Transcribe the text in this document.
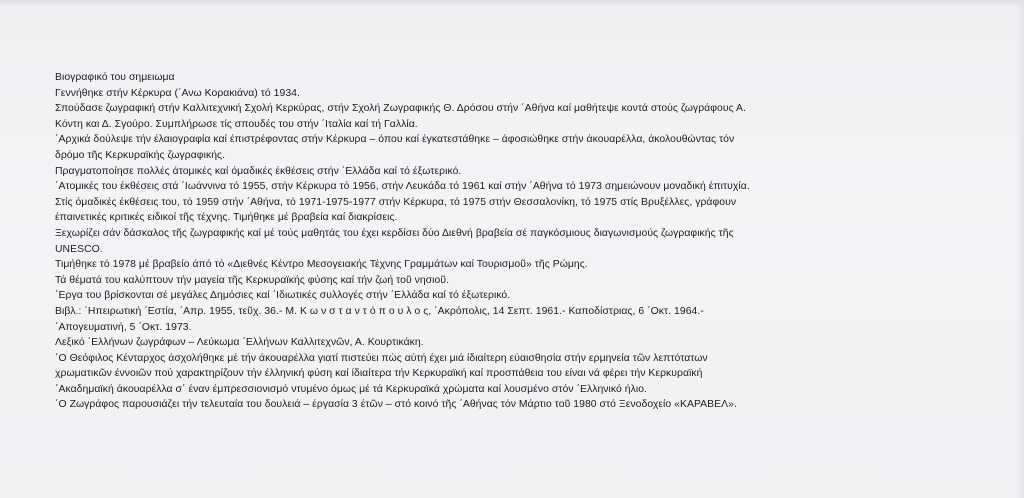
Βιογραφικό του σημειωμα
Γεννήθηκε στήν Κέρκυρα (΄Ανω Κορακιάνα) τό 1934.
Σπούδασε ζωγραφική στήν Καλλιτεχνική Σχολή Κερκύρας, στήν Σχολή Ζωγραφικής Θ. Δρόσου στήν ΄Αθήνα καί μαθήτεψε κοντά στούς ζωγράφους Α.
Κόντη και Δ. Σγούρο. Συμπλήρωσε τίς σπουδές του στήν ΄Ιταλία καί τή Γαλλία.
΄Αρχικά δούλεψε τήν έλαιογραφία καί έπιστρέφοντας στήν Κέρκυρα – όπου καί έγκατεστάθηκε – άφοσιώθηκε στήν άκουαρέλλα, άκολουθώντας τόν
δρόμο τῆς Κερκυραϊκής ζωγραφικής.
Πραγματοποίησε πολλές άτομικές καί όμαδικές έκθέσεις στήν ΄Ελλάδα καί τό έξωτερικό.
΄Ατομικές του έκθέσεις στά ΄Ιωάννινα τό 1955, στήν Κέρκυρα τό 1956, στήν Λευκάδα τό 1961 καί στήν ΄Αθήνα τό 1973 σημειώνουν μοναδική έπιτυχία.
Στίς όμαδικές έκθέσεις του, τό 1959 στήν ΄Αθήνα, τό 1971-1975-1977 στήν Κέρκυρα, τό 1975 στήν Θεσσαλονίκη, τό 1975 στίς Βρυξέλλες, γράφουν
έπαινετικές κριτικές ειδικοί τῆς τέχνης. Τιμήθηκε μέ βραβεία καί διακρίσεις.
Ξεχωρίζει σάν δάσκαλος τῆς ζωγραφικής καί μέ τούς μαθητάς του έχει κερδίσει δύο Διεθνή βραβεία σέ παγκόσμιους διαγωνισμούς ζωγραφικής τῆς
UNESCO.
Τιμήθηκε τό 1978 μέ βραβείο άπό τό «Διεθνές Κέντρο Μεσογειακής Τέχνης Γραμμάτων καί Τουρισμοῦ» τῆς Ρώμης.
Τά θέματά του καλύπτουν τήν μαγεία τῆς Κερκυραϊκής φύσης καί τήν ζωή τοῦ νησιοῦ.
΄Εργα του βρίσκονται σέ μεγάλες Δημόσιες καί ΄Ιδιωτικές συλλογές στήν ΄Ελλάδα καί τό έξωτερικό.
Βιβλ.: ΄Ηπειρωτική ΄Εστία, ΄Απρ. 1955, τεῦχ. 36.- Μ. Κ ω ν σ τ α ν τ ό π ο υ λ ο ς, ΄Ακρόπολις, 14 Σεπτ. 1961.- Καποδίστριας, 6 ΄Οκτ. 1964.-
΄Απογευματινή, 5 ΄Οκτ. 1973.
Λεξικό ΄Ελλήνων ζωγράφων – Λεύκωμα ΄Ελλήνων Καλλιτεχνῶν, Α. Κουρτικάκη.
΄Ο Θεόφιλος Κένταρχος άσχολήθηκε μέ τήν άκουαρέλλα γιατί πιστεύει πώς αύτή έχει μιά ίδιαίτερη εύαισθησία στήν ερμηνεία τῶν λεπτότατων
χρωματικῶν έννοιῶν πού χαρακτηρίζουν τήν έλληνική φύση καί ίδιαίτερα τήν Κερκυραϊκή καί προσπάθεια του είναι νά φέρει τήν Κερκυραϊκή
΄Ακαδημαϊκή άκουαρέλλα σ΄ έναν έμπρεσσιονισμό ντυμένο όμως μέ τά Κερκυραϊκά χρώματα καί λουσμένο στόν ΄Ελληνικό ήλιο.
΄Ο Ζωγράφος παρουσιάζει τήν τελευταία του δουλειά – έργασία 3 έτῶν – στό κοινό τῆς ΄Αθήνας τόν Μάρτιο τοῦ 1980 στό Ξενοδοχείο «ΚΑΡΑΒΕΛ».
